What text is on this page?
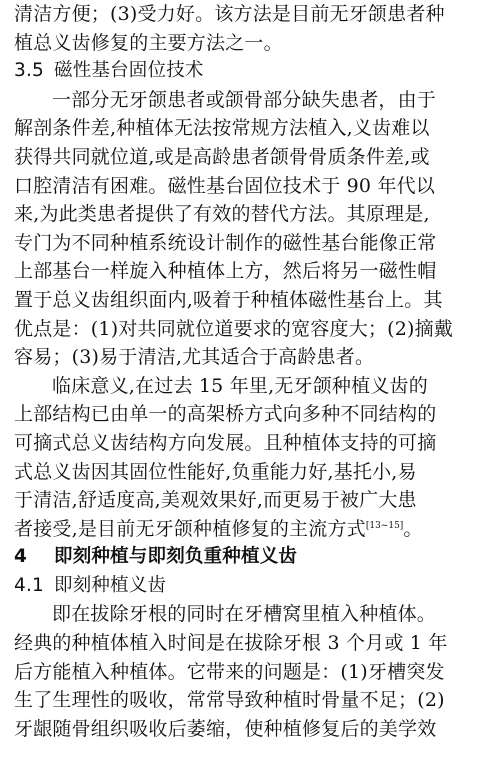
清洁方便；(3)受力好。该方法是目前无牙颌患者种
植总义齿修复的主要方法之一。
3.5 磁性基台固位技术
一部分无牙颌患者或颌骨部分缺失患者，由于
解剖条件差,种植体无法按常规方法植入,义齿难以
获得共同就位道,或是高龄患者颌骨骨质条件差,或
口腔清洁有困难。磁性基台固位技术于 90 年代以
来,为此类患者提供了有效的替代方法。其原理是,
专门为不同种植系统设计制作的磁性基台能像正常
上部基台一样旋入种植体上方，然后将另一磁性帽
置于总义齿组织面内,吸着于种植体磁性基台上。其
优点是：(1)对共同就位道要求的宽容度大；(2)摘戴
容易；(3)易于清洁,尤其适合于高龄患者。
临床意义,在过去 15 年里,无牙颌种植义齿的
上部结构已由单一的高架桥方式向多种不同结构的
可摘式总义齿结构方向发展。且种植体支持的可摘
式总义齿因其固位性能好,负重能力好,基托小,易
于清洁,舒适度高,美观效果好,而更易于被广大患
者接受,是目前无牙颌种植修复的主流方式[13~15]。
4 即刻种植与即刻负重种植义齿
4.1 即刻种植义齿
即在拔除牙根的同时在牙槽窝里植入种植体。
经典的种植体植入时间是在拔除牙根 3 个月或 1 年
后方能植入种植体。它带来的问题是：(1)牙槽突发
生了生理性的吸收，常常导致种植时骨量不足；(2)
牙龈随骨组织吸收后萎缩，使种植修复后的美学效
